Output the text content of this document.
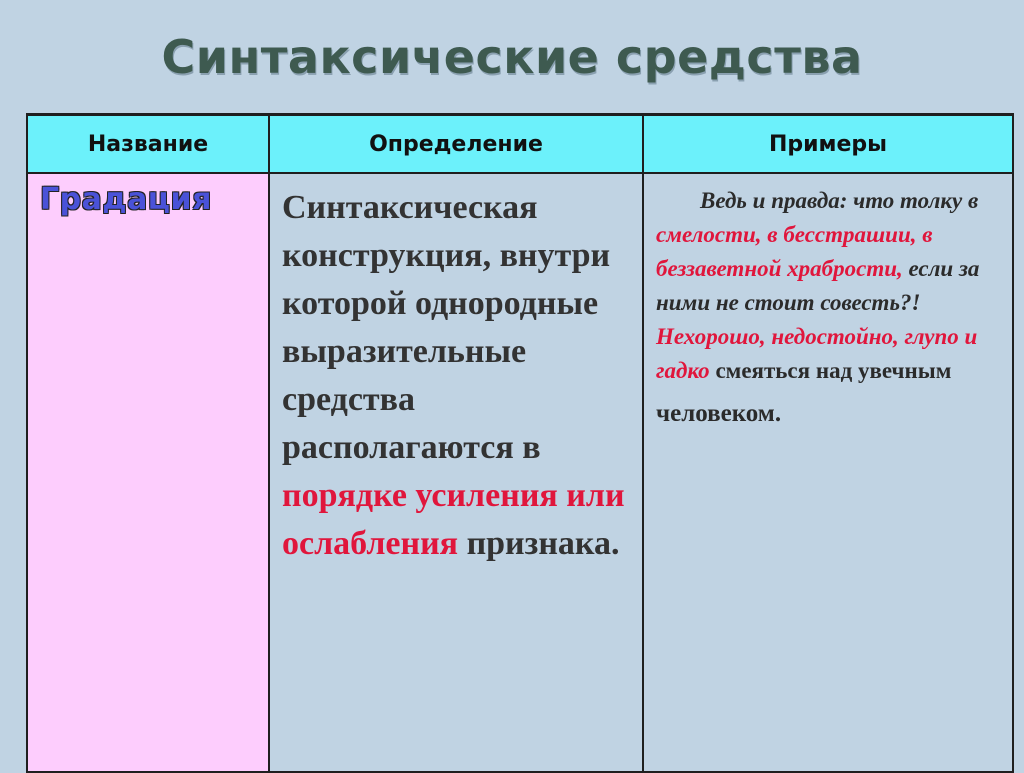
Синтаксические средства
Название	Определение	Примеры

Градация	Синтаксическая конструкция, внутри которой однородные выразительные средства располагаются в порядке усиления или ослабления признака.	Ведь и правда: что толку в смелости, в бесстрашии, в беззаветной храбрости, если за ними не стоит совесть?! Нехорошо, недостойно, глупо и гадко смеяться над увечным
человеком.
